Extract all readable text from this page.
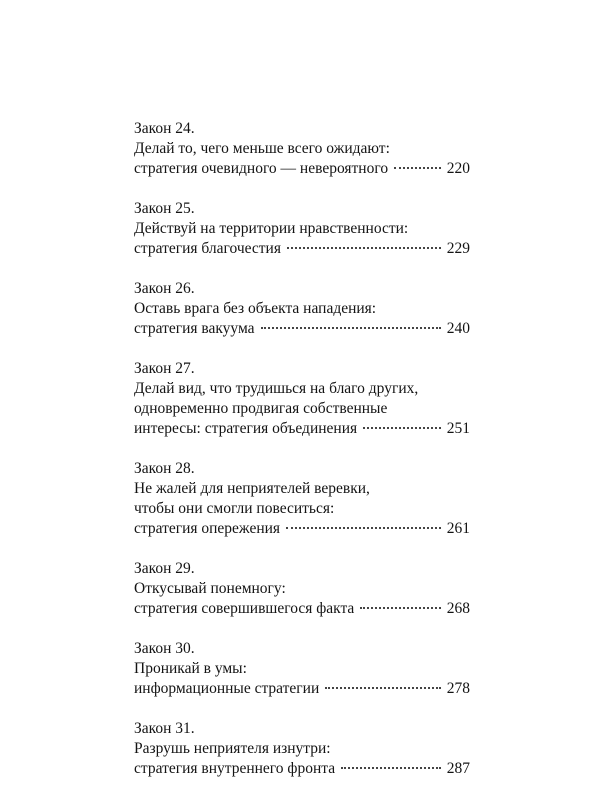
Закон 24.
Делай то, чего меньше всего ожидают:
стратегия очевидного — невероятного	220
Закон 25.
Действуй на территории нравственности:
стратегия благочестия	229
Закон 26.
Оставь врага без объекта нападения:
стратегия вакуума	240
Закон 27.
Делай вид, что трудишься на благо других,
одновременно продвигая собственные
интересы: стратегия объединения	251
Закон 28.
Не жалей для неприятелей веревки,
чтобы они смогли повеситься:
стратегия опережения	261
Закон 29.
Откусывай понемногу:
стратегия совершившегося факта	268
Закон 30.
Проникай в умы:
информационные стратегии	278
Закон 31.
Разрушь неприятеля изнутри:
стратегия внутреннего фронта	287
